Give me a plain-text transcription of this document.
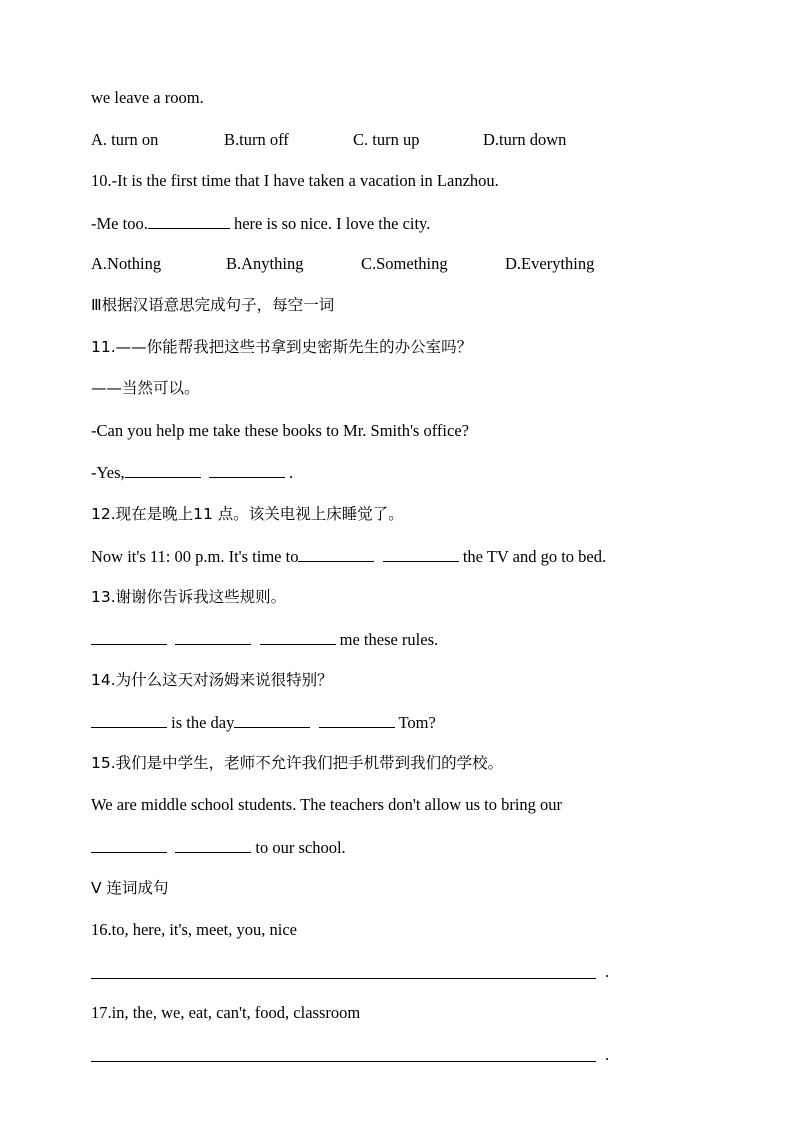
we leave a room.
A. turn on	B.turn off	C. turn up	D.turn down
10.-It is the first time that I have taken a vacation in Lanzhou.
-Me too.	here is so nice. I love the city.
A.Nothing	B.Anything	C.Something	D.Everything
Ⅲ根据汉语意思完成句子，每空一词
11.——你能帮我把这些书拿到史密斯先生的办公室吗？
——当然可以。
-Can you help me take these books to Mr. Smith's office?
-Yes,	.
12.现在是晚上11 点。该关电视上床睡觉了。
Now it's 11: 00 p.m. It's time to	the TV and go to bed.
13.谢谢你告诉我这些规则。
me these rules.
14.为什么这天对汤姆来说很特别？
is the day	Tom?
15.我们是中学生，老师不允许我们把手机带到我们的学校。
We are middle school students. The teachers don't allow us to bring our
to our school.
V 连词成句
16.to, here, it's, meet, you, nice
.
17.in, the, we, eat, can't, food, classroom
.
